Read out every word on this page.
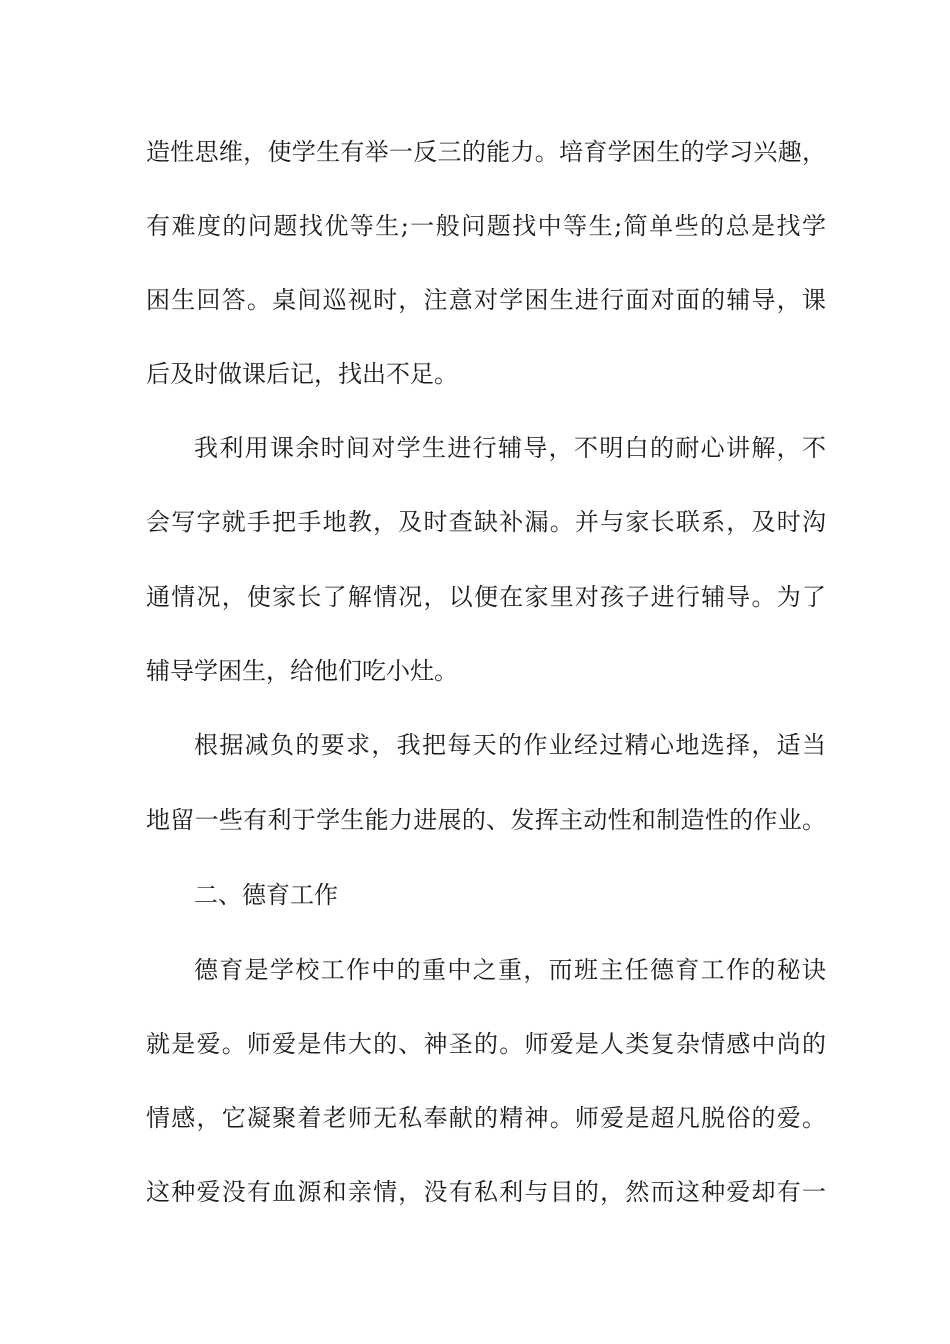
造性思维，使学生有举一反三的能力。培育学困生的学习兴趣，
有难度的问题找优等生;一般问题找中等生;简单些的总是找学
困生回答。桌间巡视时，注意对学困生进行面对面的辅导，课
后及时做课后记，找出不足。
我利用课余时间对学生进行辅导，不明白的耐心讲解，不
会写字就手把手地教，及时查缺补漏。并与家长联系，及时沟
通情况，使家长了解情况，以便在家里对孩子进行辅导。为了
辅导学困生，给他们吃小灶。
根据减负的要求，我把每天的作业经过精心地选择，适当
地留一些有利于学生能力进展的、发挥主动性和制造性的作业。
二、德育工作
德育是学校工作中的重中之重，而班主任德育工作的秘诀
就是爱。师爱是伟大的、神圣的。师爱是人类复杂情感中尚的
情感，它凝聚着老师无私奉献的精神。师爱是超凡脱俗的爱。
这种爱没有血源和亲情，没有私利与目的，然而这种爱却有一
